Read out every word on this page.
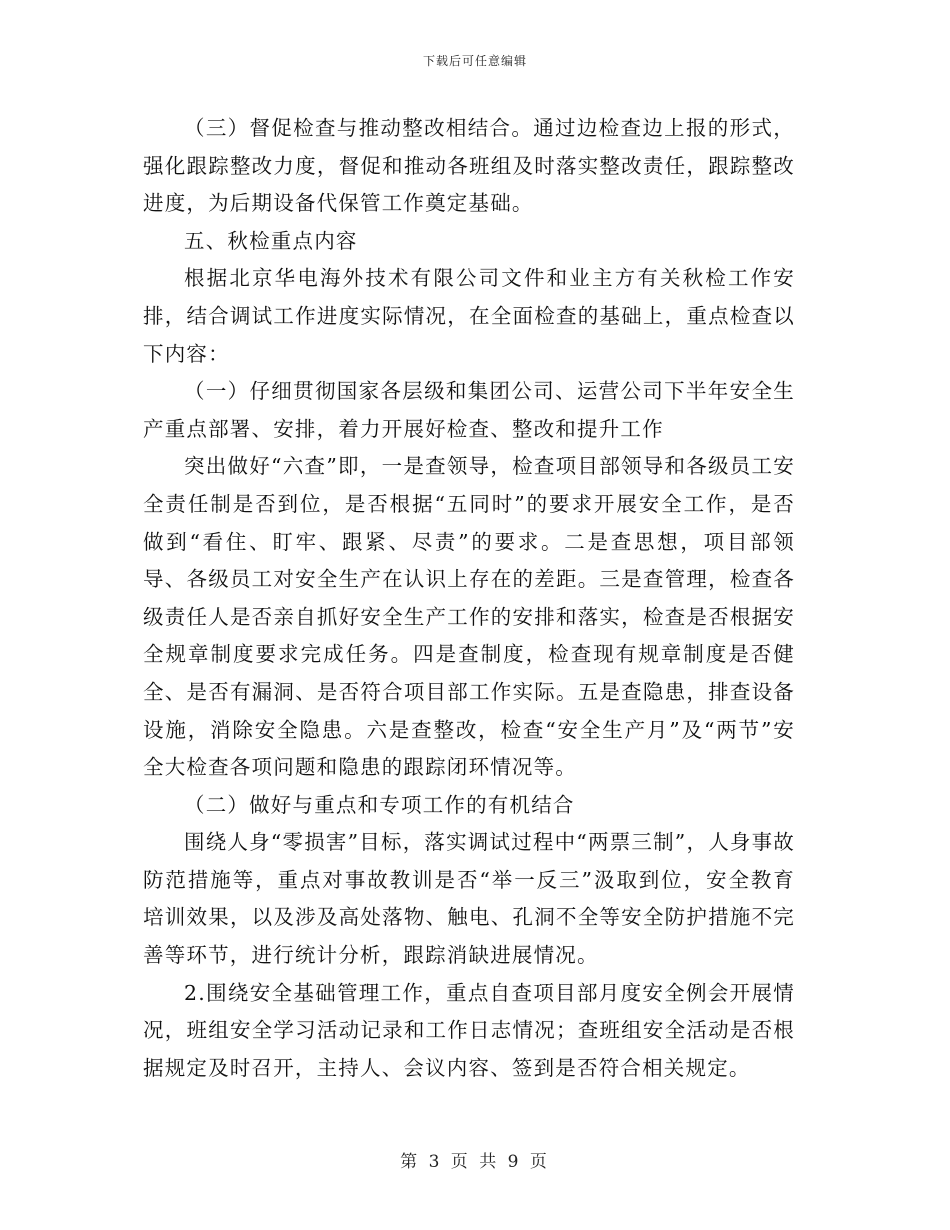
下载后可任意编辑

（三）督促检查与推动整改相结合。通过边检查边上报的形式，强化跟踪整改力度，督促和推动各班组及时落实整改责任，跟踪整改进度，为后期设备代保管工作奠定基础。

五、秋检重点内容

根据北京华电海外技术有限公司文件和业主方有关秋检工作安排，结合调试工作进度实际情况，在全面检查的基础上，重点检查以下内容：

（一）仔细贯彻国家各层级和集团公司、运营公司下半年安全生产重点部署、安排，着力开展好检查、整改和提升工作

突出做好“六查”即，一是查领导，检查项目部领导和各级员工安全责任制是否到位，是否根据“五同时”的要求开展安全工作，是否做到“看住、盯牢、跟紧、尽责”的要求。二是查思想，项目部领导、各级员工对安全生产在认识上存在的差距。三是查管理，检查各级责任人是否亲自抓好安全生产工作的安排和落实，检查是否根据安全规章制度要求完成任务。四是查制度，检查现有规章制度是否健全、是否有漏洞、是否符合项目部工作实际。五是查隐患，排查设备设施，消除安全隐患。六是查整改，检查“安全生产月”及“两节”安全大检查各项问题和隐患的跟踪闭环情况等。

（二）做好与重点和专项工作的有机结合

围绕人身“零损害”目标，落实调试过程中“两票三制”，人身事故防范措施等，重点对事故教训是否“举一反三”汲取到位，安全教育培训效果，以及涉及高处落物、触电、孔洞不全等安全防护措施不完善等环节，进行统计分析，跟踪消缺进展情况。

2.围绕安全基础管理工作，重点自查项目部月度安全例会开展情况，班组安全学习活动记录和工作日志情况；查班组安全活动是否根据规定及时召开，主持人、会议内容、签到是否符合相关规定。

第 3 页 共 9 页
